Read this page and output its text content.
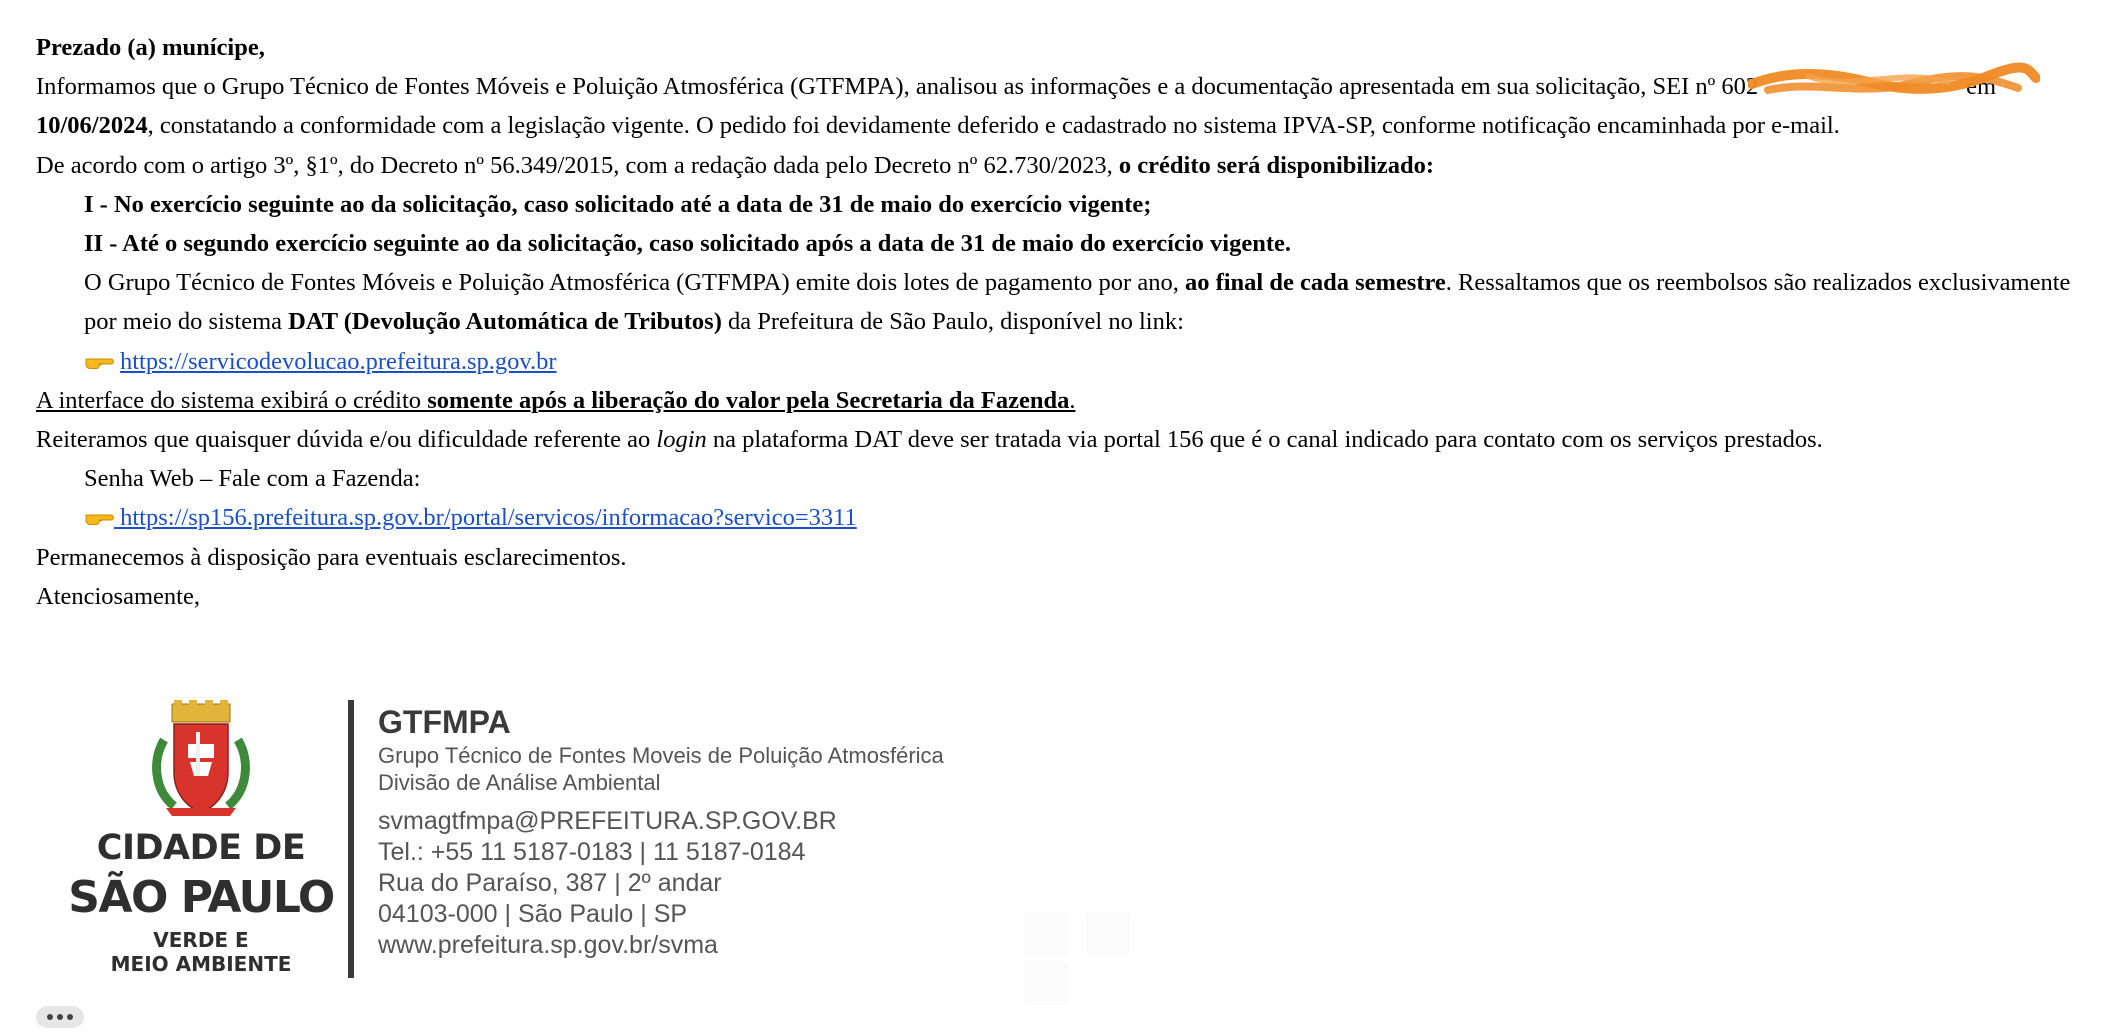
Prezado (a) munícipe,

Informamos que o Grupo Técnico de Fontes Móveis e Poluição Atmosférica (GTFMPA), analisou as informações e a documentação apresentada em sua solicitação, SEI nº 602	em

10/06/2024, constatando a conformidade com a legislação vigente. O pedido foi devidamente deferido e cadastrado no sistema IPVA-SP, conforme notificação encaminhada por e-mail.

De acordo com o artigo 3º, §1º, do Decreto nº 56.349/2015, com a redação dada pelo Decreto nº 62.730/2023, o crédito será disponibilizado:

I - No exercício seguinte ao da solicitação, caso solicitado até a data de 31 de maio do exercício vigente;

II - Até o segundo exercício seguinte ao da solicitação, caso solicitado após a data de 31 de maio do exercício vigente.

O Grupo Técnico de Fontes Móveis e Poluição Atmosférica (GTFMPA) emite dois lotes de pagamento por ano, ao final de cada semestre. Ressaltamos que os reembolsos são realizados exclusivamente por meio do sistema DAT (Devolução Automática de Tributos) da Prefeitura de São Paulo, disponível no link:

https://servicodevolucao.prefeitura.sp.gov.br

A interface do sistema exibirá o crédito somente após a liberação do valor pela Secretaria da Fazenda.

Reiteramos que quaisquer dúvida e/ou dificuldade referente ao login na plataforma DAT deve ser tratada via portal 156 que é o canal indicado para contato com os serviços prestados.

Senha Web – Fale com a Fazenda:

https://sp156.prefeitura.sp.gov.br/portal/servicos/informacao?servico=3311

Permanecemos à disposição para eventuais esclarecimentos.

Atenciosamente,

CIDADE DE
SÃO PAULO
VERDE E
MEIO AMBIENTE
GTFMPA
Grupo Técnico de Fontes Moveis de Poluição Atmosférica
Divisão de Análise Ambiental
svmagtfmpa@PREFEITURA.SP.GOV.BR
Tel.: +55 11 5187-0183 | 11 5187-0184
Rua do Paraíso, 387 | 2º andar
04103-000 | São Paulo | SP
www.prefeitura.sp.gov.br/svma
